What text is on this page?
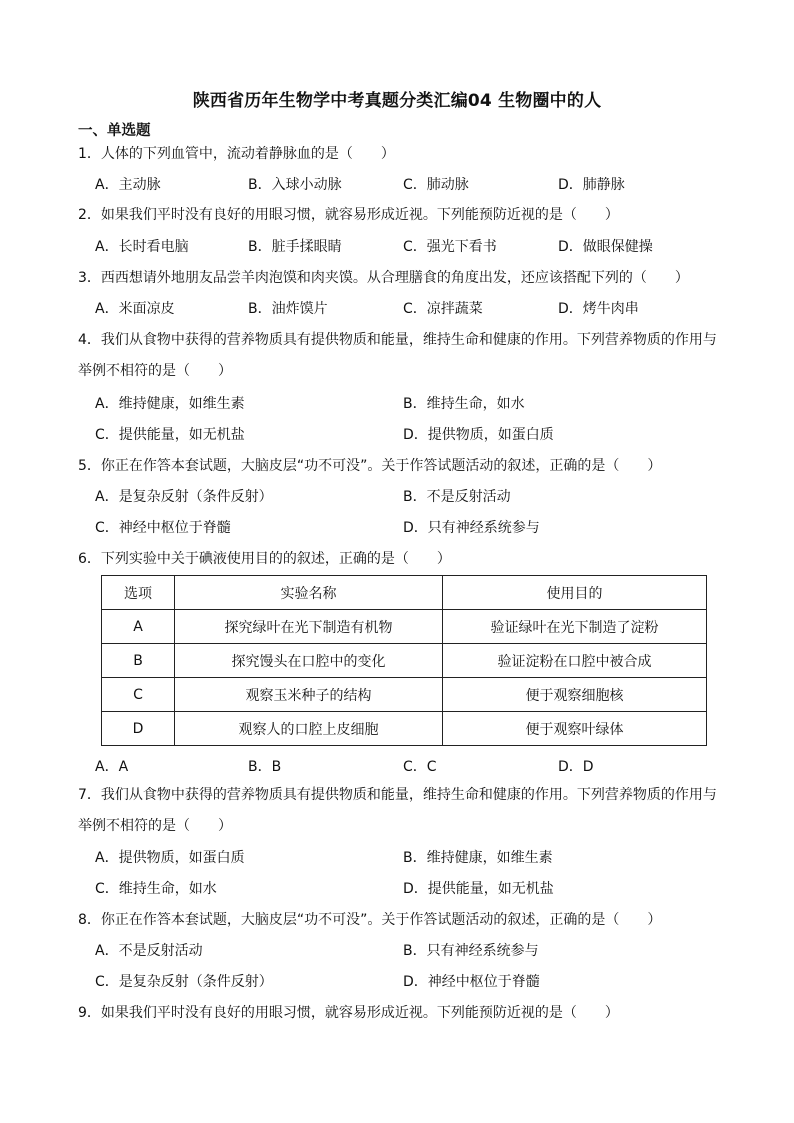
陕西省历年生物学中考真题分类汇编04 生物圈中的人
一、单选题
1．人体的下列血管中，流动着静脉血的是（　　）
A．主动脉	B．入球小动脉	C．肺动脉	D．肺静脉
2．如果我们平时没有良好的用眼习惯，就容易形成近视。下列能预防近视的是（　　）
A．长时看电脑	B．脏手揉眼睛	C．强光下看书	D．做眼保健操
3．西西想请外地朋友品尝羊肉泡馍和肉夹馍。从合理膳食的角度出发，还应该搭配下列的（　　）
A．米面凉皮	B．油炸馍片	C．凉拌蔬菜	D．烤牛肉串
4．我们从食物中获得的营养物质具有提供物质和能量，维持生命和健康的作用。下列营养物质的作用与举例不相符的是（　　）
A．维持健康，如维生素	B．维持生命，如水
C．提供能量，如无机盐	D．提供物质，如蛋白质
5．你正在作答本套试题，大脑皮层“功不可没”。关于作答试题活动的叙述，正确的是（　　）
A．是复杂反射（条件反射）	B．不是反射活动
C．神经中枢位于脊髓	D．只有神经系统参与
6．下列实验中关于碘液使用目的的叙述，正确的是（　　）
选项	实验名称	使用目的
A	探究绿叶在光下制造有机物	验证绿叶在光下制造了淀粉
B	探究馒头在口腔中的变化	验证淀粉在口腔中被合成
C	观察玉米种子的结构	便于观察细胞核
D	观察人的口腔上皮细胞	便于观察叶绿体
A．A	B．B	C．C	D．D
7．我们从食物中获得的营养物质具有提供物质和能量，维持生命和健康的作用。下列营养物质的作用与举例不相符的是（　　）
A．提供物质，如蛋白质	B．维持健康，如维生素
C．维持生命，如水	D．提供能量，如无机盐
8．你正在作答本套试题，大脑皮层“功不可没”。关于作答试题活动的叙述，正确的是（　　）
A．不是反射活动	B．只有神经系统参与
C．是复杂反射（条件反射）	D．神经中枢位于脊髓
9．如果我们平时没有良好的用眼习惯，就容易形成近视。下列能预防近视的是（　　）
